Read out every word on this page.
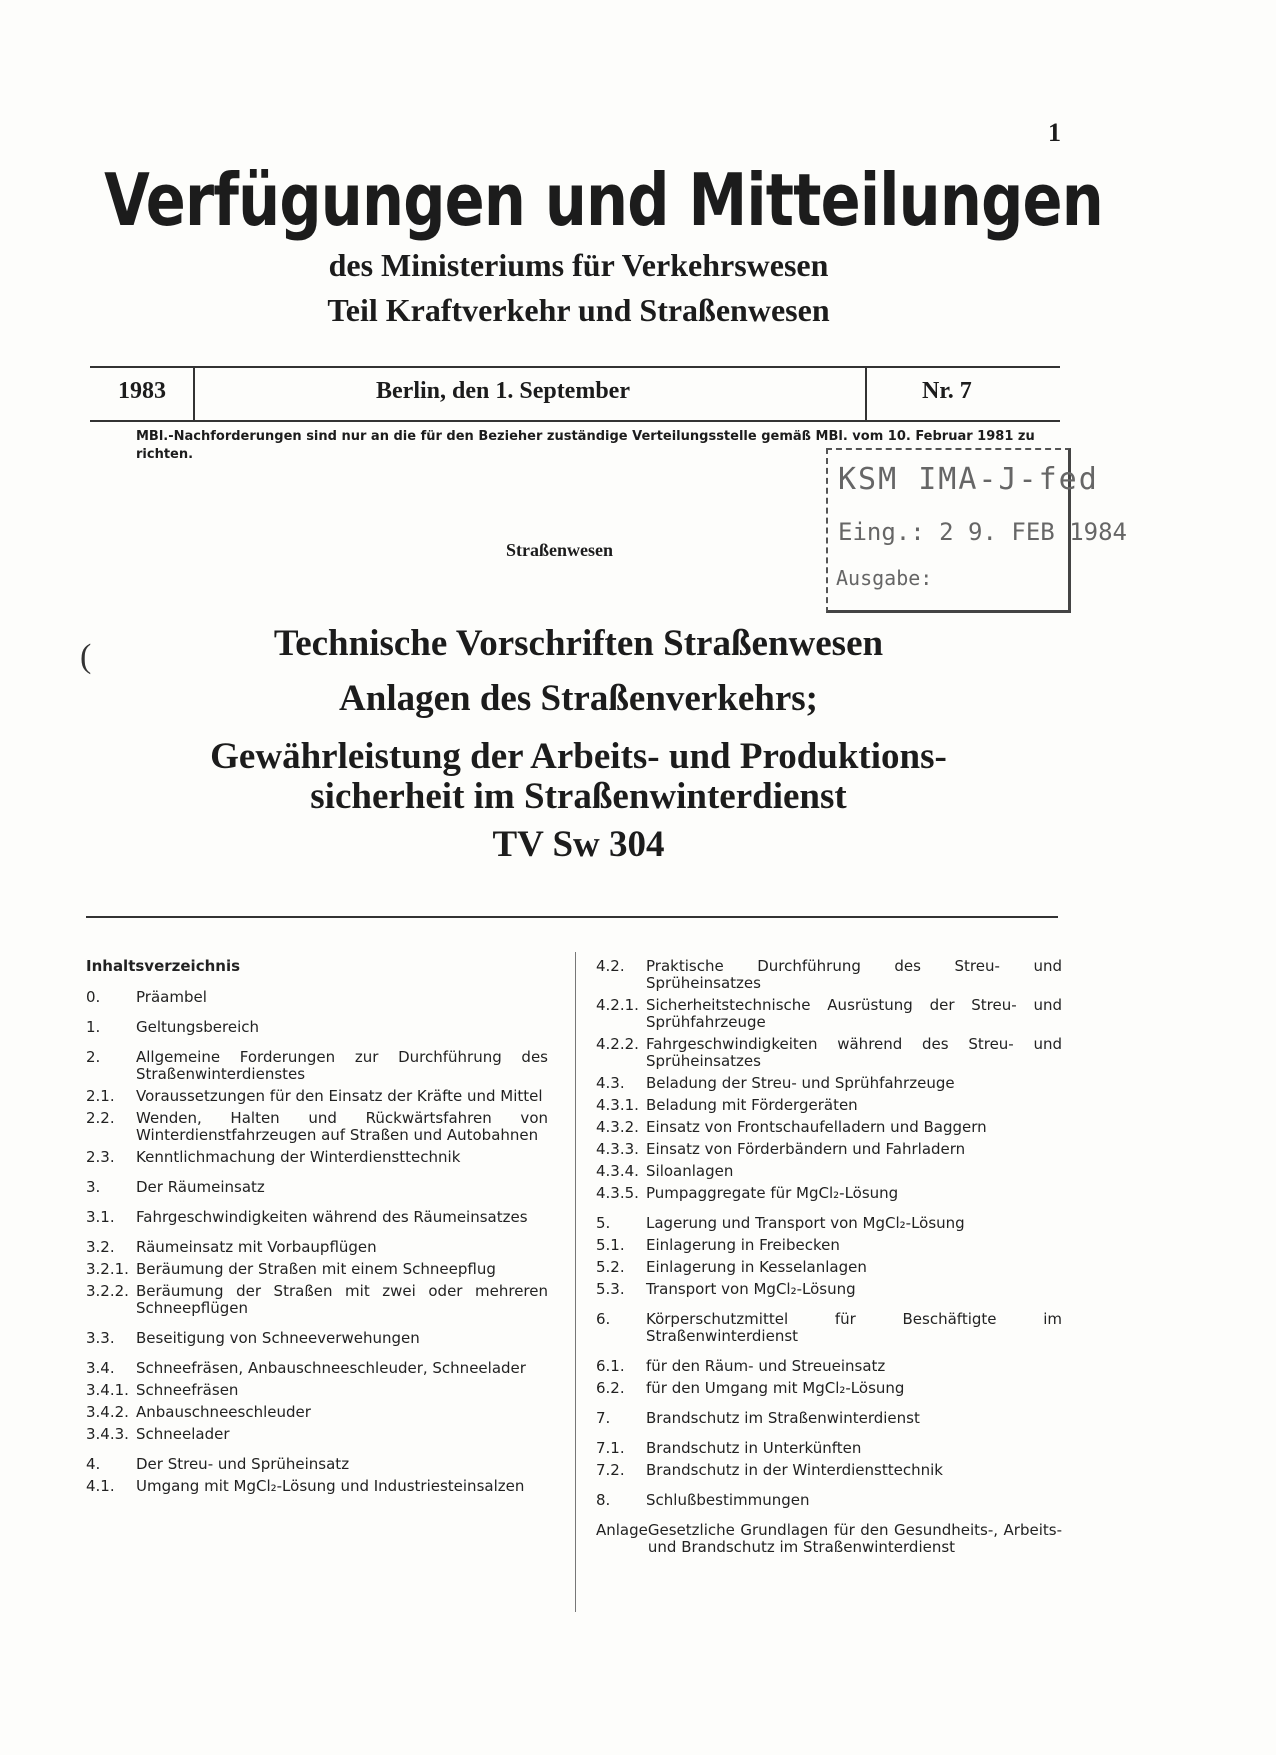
1
Verfügungen und Mitteilungen
des Ministeriums für Verkehrswesen
Teil Kraftverkehr und Straßenwesen
1983	Berlin, den 1. September	Nr. 7
MBl.-Nachforderungen sind nur an die für den Bezieher zuständige Verteilungsstelle gemäß MBl. vom 10. Februar 1981 zu richten.
KSM IMA-J-fed
Eing.: 2 9. FEB 1984
Ausgabe:
Straßenwesen
(	Technische Vorschriften Straßenwesen
Anlagen des Straßenverkehrs;
Gewährleistung der Arbeits- und Produktions-
sicherheit im Straßenwinterdienst
TV Sw 304
Inhaltsverzeichnis
0.	Präambel
1.	Geltungsbereich
2.	Allgemeine Forderungen zur Durchführung des Straßenwinterdienstes
2.1.	Voraussetzungen für den Einsatz der Kräfte und Mittel
2.2.	Wenden, Halten und Rückwärtsfahren von Winterdienstfahrzeugen auf Straßen und Autobahnen
2.3.	Kenntlichmachung der Winterdiensttechnik
3.	Der Räumeinsatz
3.1.	Fahrgeschwindigkeiten während des Räumeinsatzes
3.2.	Räumeinsatz mit Vorbaupflügen
3.2.1. Beräumung der Straßen mit einem Schneepflug
3.2.2. Beräumung der Straßen mit zwei oder mehreren Schneepflügen
3.3.	Beseitigung von Schneeverwehungen
3.4.	Schneefräsen, Anbauschneeschleuder, Schneelader
3.4.1. Schneefräsen
3.4.2. Anbauschneeschleuder
3.4.3. Schneelader
4.	Der Streu- und Sprüheinsatz
4.1.	Umgang mit MgCl₂-Lösung und Industriesteinsalzen
4.2.	Praktische Durchführung des Streu- und Sprüheinsatzes
4.2.1. Sicherheitstechnische Ausrüstung der Streu- und Sprühfahrzeuge
4.2.2. Fahrgeschwindigkeiten während des Streu- und Sprüheinsatzes
4.3.	Beladung der Streu- und Sprühfahrzeuge
4.3.1. Beladung mit Fördergeräten
4.3.2. Einsatz von Frontschaufelladern und Baggern
4.3.3. Einsatz von Förderbändern und Fahrladern
4.3.4. Siloanlagen
4.3.5. Pumpaggregate für MgCl₂-Lösung
5.	Lagerung und Transport von MgCl₂-Lösung
5.1.	Einlagerung in Freibecken
5.2.	Einlagerung in Kesselanlagen
5.3.	Transport von MgCl₂-Lösung
6.	Körperschutzmittel für Beschäftigte im Straßenwinterdienst
6.1.	für den Räum- und Streueinsatz
6.2.	für den Umgang mit MgCl₂-Lösung
7.	Brandschutz im Straßenwinterdienst
7.1.	Brandschutz in Unterkünften
7.2.	Brandschutz in der Winterdiensttechnik
8.	Schlußbestimmungen
Anlage Gesetzliche Grundlagen für den Gesundheits-, Arbeits- und Brandschutz im Straßenwinterdienst
